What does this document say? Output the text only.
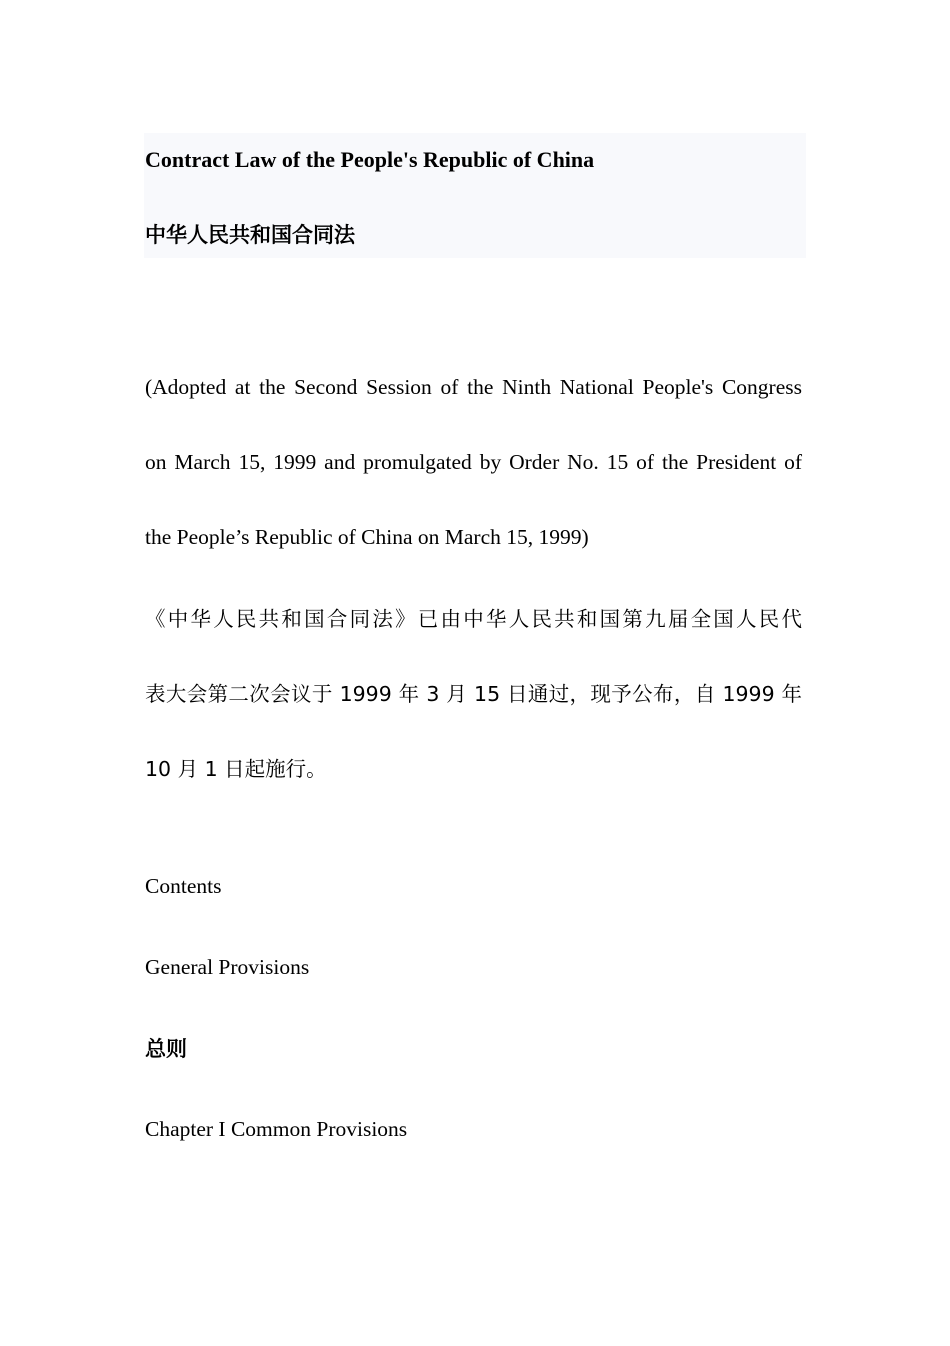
Contract Law of the People's Republic of China
中华人民共和国合同法
(Adopted at the Second Session of the Ninth National People's Congress
on March 15, 1999 and promulgated by Order No. 15 of the President of
the People’s Republic of China on March 15, 1999)
《中华人民共和国合同法》已由中华人民共和国第九届全国人民代
表大会第二次会议于 1999 年 3 月 15 日通过，现予公布，自 1999 年
10 月 1 日起施行。
Contents
General Provisions
总则
Chapter I Common Provisions
